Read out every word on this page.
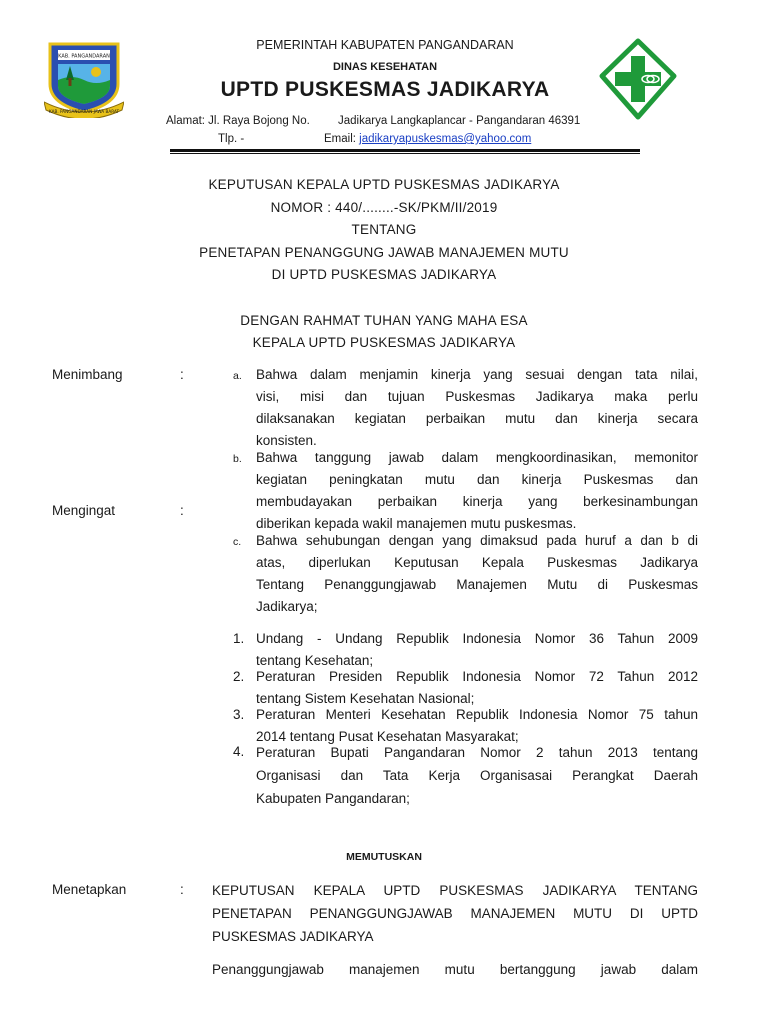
KAB. PANGANDARAN
KAB. PANGANDARAN JAWA BARAT
PEMERINTAH KABUPATEN PANGANDARAN
DINAS KESEHATAN
UPTD PUSKESMAS JADIKARYA
Alamat: Jl. Raya Bojong No. Jadikarya Langkaplancar - Pangandaran 46391
Tlp. -	Email: jadikaryapuskesmas@yahoo.com
KEPUTUSAN KEPALA UPTD PUSKESMAS JADIKARYA
NOMOR : 440/........-SK/PKM/II/2019
TENTANG
PENETAPAN PENANGGUNG JAWAB MANAJEMEN MUTU
DI UPTD PUSKESMAS JADIKARYA
DENGAN RAHMAT TUHAN YANG MAHA ESA
KEPALA UPTD PUSKESMAS JADIKARYA
Menimbang	:	a. Bahwa dalam menjamin kinerja yang sesuai dengan tata nilai,
visi, misi dan tujuan Puskesmas Jadikarya maka perlu
dilaksanakan kegiatan perbaikan mutu dan kinerja secara
konsisten.
b. Bahwa tanggung jawab dalam mengkoordinasikan, memonitor
kegiatan peningkatan mutu dan kinerja Puskesmas dan
membudayakan perbaikan kinerja yang berkesinambungan
diberikan kepada wakil manajemen mutu puskesmas.
c. Bahwa sehubungan dengan yang dimaksud pada huruf a dan b di
atas, diperlukan Keputusan Kepala Puskesmas Jadikarya
Tentang Penanggungjawab Manajemen Mutu di Puskesmas
Jadikarya;
Mengingat	:
1. Undang - Undang Republik Indonesia Nomor 36 Tahun 2009
tentang Kesehatan;
2. Peraturan Presiden Republik Indonesia Nomor 72 Tahun 2012
tentang Sistem Kesehatan Nasional;
3. Peraturan Menteri Kesehatan Republik Indonesia Nomor 75 tahun
2014 tentang Pusat Kesehatan Masyarakat;
4. Peraturan Bupati Pangandaran Nomor 2 tahun 2013 tentang
Organisasi dan Tata Kerja Organisasai Perangkat Daerah
Kabupaten Pangandaran;
MEMUTUSKAN
Menetapkan	: KEPUTUSAN KEPALA UPTD PUSKESMAS JADIKARYA TENTANG
PENETAPAN PENANGGUNGJAWAB MANAJEMEN MUTU DI UPTD
PUSKESMAS JADIKARYA
Penanggungjawab manajemen mutu bertanggung jawab dalam
